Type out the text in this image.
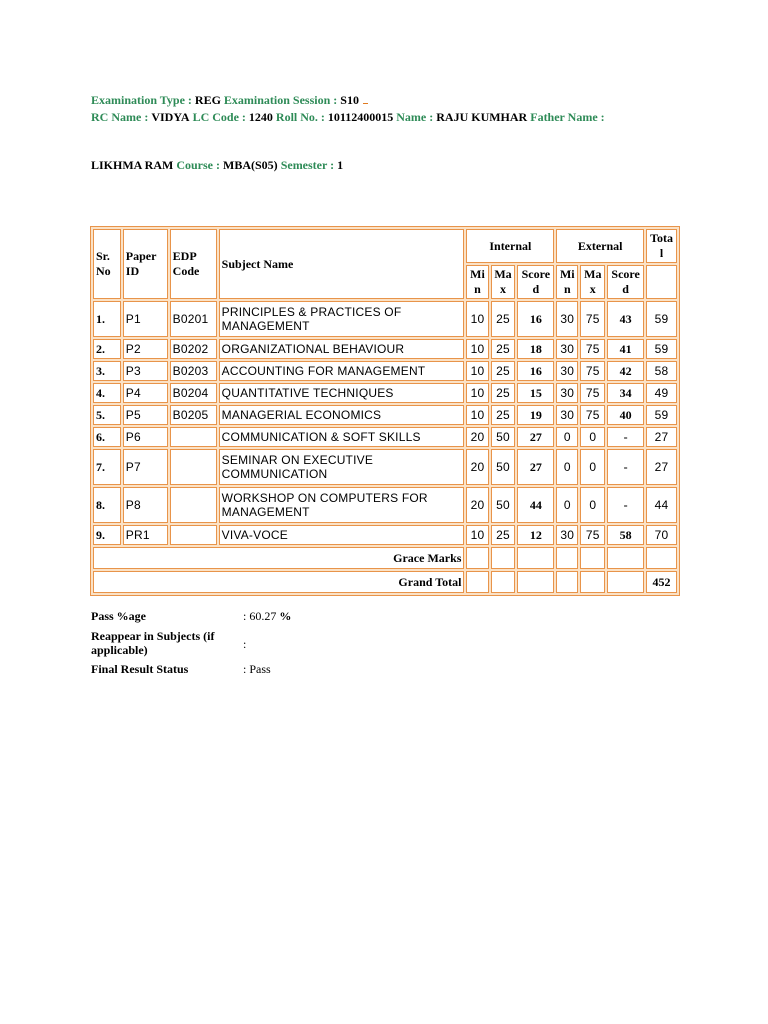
Examination Type : REG Examination Session : S10
RC Name : VIDYA LC Code : 1240 Roll No. : 10112400015 Name : RAJU KUMHAR Father Name :
LIKHMA RAM Course : MBA(S05) Semester : 1
Sr. No	Paper ID	EDP Code	Subject Name	Internal			External			Tota l
				Mi n	Ma x	Score d	Mi n	Ma x	Score d	
1.	P1	B0201	PRINCIPLES & PRACTICES OF MANAGEMENT	10	25	16	30	75	43	59
2.	P2	B0202	ORGANIZATIONAL BEHAVIOUR	10	25	18	30	75	41	59
3.	P3	B0203	ACCOUNTING FOR MANAGEMENT	10	25	16	30	75	42	58
4.	P4	B0204	QUANTITATIVE TECHNIQUES	10	25	15	30	75	34	49
5.	P5	B0205	MANAGERIAL ECONOMICS	10	25	19	30	75	40	59
6.	P6		COMMUNICATION & SOFT SKILLS	20	50	27	0	0	-	27
7.	P7		SEMINAR ON EXECUTIVE COMMUNICATION	20	50	27	0	0	-	27
8.	P8		WORKSHOP ON COMPUTERS FOR MANAGEMENT	20	50	44	0	0	-	44
9.	PR1		VIVA-VOCE	10	25	12	30	75	58	70
Grace Marks										
Grand Total										452
Pass %age	: 60.27 %
Reappear in Subjects (if applicable)	:
Final Result Status	: Pass
